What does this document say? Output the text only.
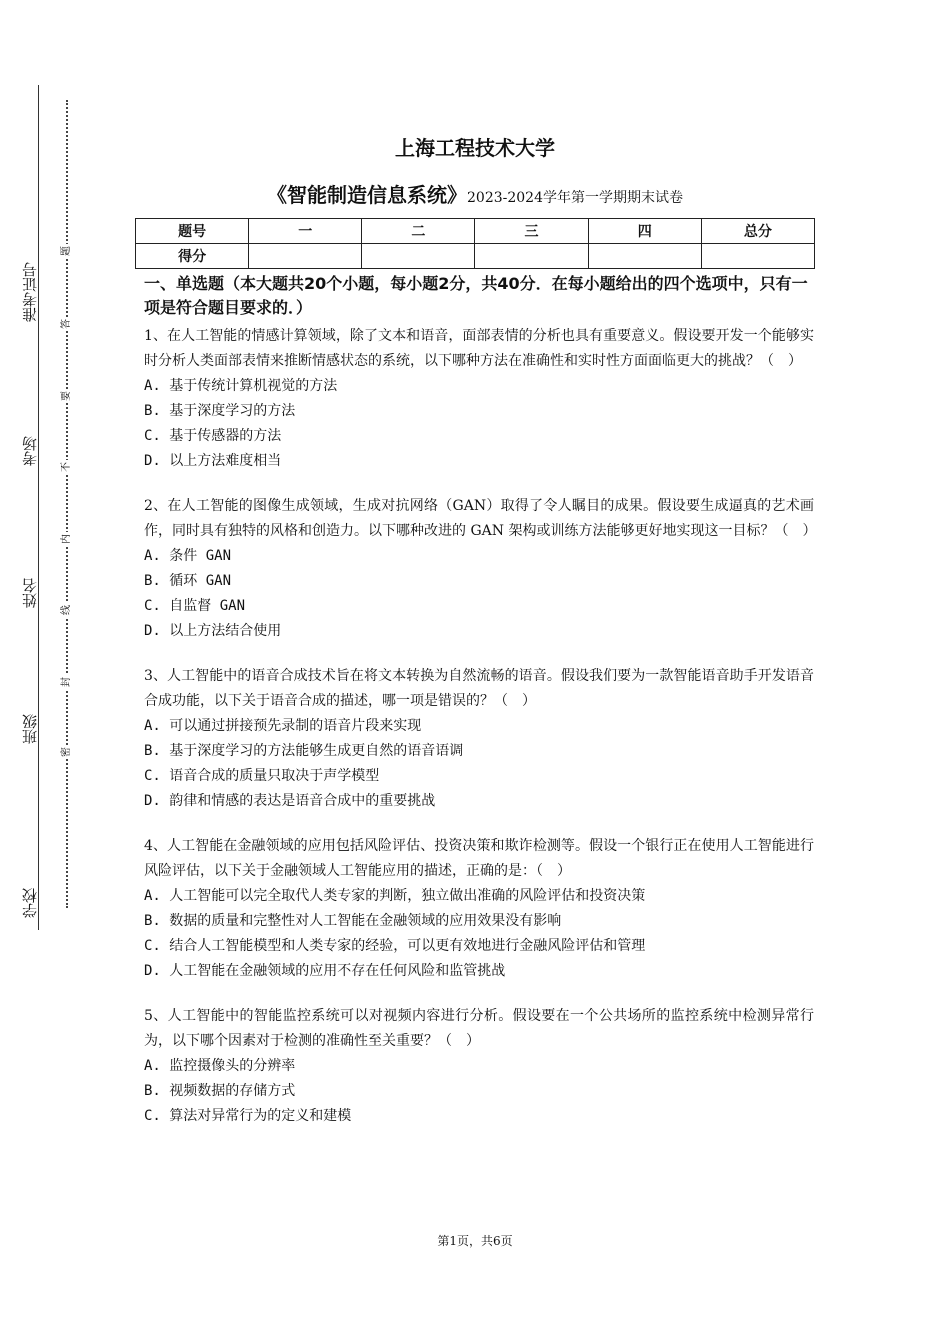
准考证号
考场
姓名
班级
学校
题
答
要
不
内
线
封
密
上海工程技术大学
《智能制造信息系统》2023-2024学年第一学期期末试卷
题号	一	二	三	四	总分
得分					

一、单选题（本大题共20个小题，每小题2分，共40分．在每小题给出的四个选项中，只有一项是符合题目要求的．）

1、在人工智能的情感计算领域，除了文本和语音，面部表情的分析也具有重要意义。假设要开发一个能够实时分析人类面部表情来推断情感状态的系统，以下哪种方法在准确性和实时性方面面临更大的挑战？（　）

A. 基于传统计算机视觉的方法

B. 基于深度学习的方法

C. 基于传感器的方法

D. 以上方法难度相当

2、在人工智能的图像生成领域，生成对抗网络（GAN）取得了令人瞩目的成果。假设要生成逼真的艺术画作，同时具有独特的风格和创造力。以下哪种改进的 GAN 架构或训练方法能够更好地实现这一目标？（　）

A. 条件 GAN

B. 循环 GAN

C. 自监督 GAN

D. 以上方法结合使用

3、人工智能中的语音合成技术旨在将文本转换为自然流畅的语音。假设我们要为一款智能语音助手开发语音合成功能，以下关于语音合成的描述，哪一项是错误的？（　）

A. 可以通过拼接预先录制的语音片段来实现

B. 基于深度学习的方法能够生成更自然的语音语调

C. 语音合成的质量只取决于声学模型

D. 韵律和情感的表达是语音合成中的重要挑战

4、人工智能在金融领域的应用包括风险评估、投资决策和欺诈检测等。假设一个银行正在使用人工智能进行风险评估，以下关于金融领域人工智能应用的描述，正确的是：（　）

A. 人工智能可以完全取代人类专家的判断，独立做出准确的风险评估和投资决策

B. 数据的质量和完整性对人工智能在金融领域的应用效果没有影响

C. 结合人工智能模型和人类专家的经验，可以更有效地进行金融风险评估和管理

D. 人工智能在金融领域的应用不存在任何风险和监管挑战

5、人工智能中的智能监控系统可以对视频内容进行分析。假设要在一个公共场所的监控系统中检测异常行为，以下哪个因素对于检测的准确性至关重要？（　）

A. 监控摄像头的分辨率

B. 视频数据的存储方式

C. 算法对异常行为的定义和建模

第1页，共6页
